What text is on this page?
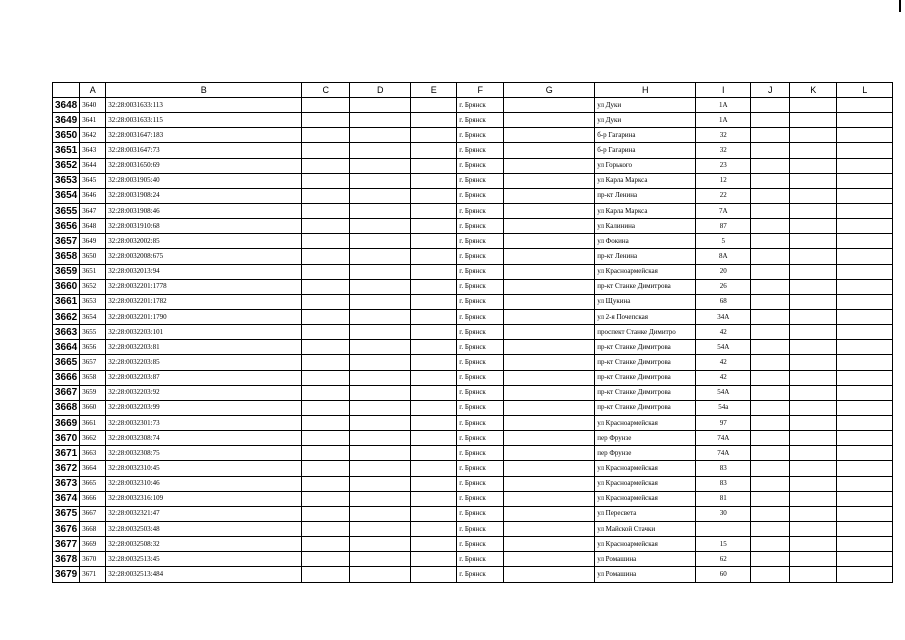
	A	B	C	D	E	F	G	H	I	J	K	L
3648	3640	32:28:0031633:113				г. Брянск		ул Дуки	1А			
3649	3641	32:28:0031633:115				г. Брянск		ул Дуки	1А			
3650	3642	32:28:0031647:183				г. Брянск		б-р Гагарина	32			
3651	3643	32:28:0031647:73				г. Брянск		б-р Гагарина	32			
3652	3644	32:28:0031650:69				г. Брянск		ул Горького	23			
3653	3645	32:28:0031905:40				г. Брянск		ул Карла Маркса	12			
3654	3646	32:28:0031908:24				г. Брянск		пр-кт Ленина	22			
3655	3647	32:28:0031908:46				г. Брянск		ул Карла Маркса	7А			
3656	3648	32:28:0031910:68				г. Брянск		ул Калинина	87			
3657	3649	32:28:0032002:85				г. Брянск		ул Фокина	5			
3658	3650	32:28:0032008:675				г. Брянск		пр-кт Ленина	8А			
3659	3651	32:28:0032013:94				г. Брянск		ул Красноармейская	20			
3660	3652	32:28:0032201:1778				г. Брянск		пр-кт Станке Димитрова	26			
3661	3653	32:28:0032201:1782				г. Брянск		ул Щукина	68			
3662	3654	32:28:0032201:1790				г. Брянск		ул 2-я Почепская	34А			
3663	3655	32:28:0032203:101				г. Брянск		проспект Станке Димитро	42			
3664	3656	32:28:0032203:81				г. Брянск		пр-кт Станке Димитрова	54А			
3665	3657	32:28:0032203:85				г. Брянск		пр-кт Станке Димитрова	42			
3666	3658	32:28:0032203:87				г. Брянск		пр-кт Станке Димитрова	42			
3667	3659	32:28:0032203:92				г. Брянск		пр-кт Станке Димитрова	54А			
3668	3660	32:28:0032203:99				г. Брянск		пр-кт Станке Димитрова	54а			
3669	3661	32:28:0032301:73				г. Брянск		ул Красноармейская	97			
3670	3662	32:28:0032308:74				г. Брянск		пер Фрунзе	74А			
3671	3663	32:28:0032308:75				г. Брянск		пер Фрунзе	74А			
3672	3664	32:28:0032310:45				г. Брянск		ул Красноармейская	83			
3673	3665	32:28:0032310:46				г. Брянск		ул Красноармейская	83			
3674	3666	32:28:0032316:109				г. Брянск		ул Красноармейская	81			
3675	3667	32:28:0032321:47				г. Брянск		ул Пересвета	30			
3676	3668	32:28:0032503:48				г. Брянск		ул Майской Стачки				
3677	3669	32:28:0032508:32				г. Брянск		ул Красноармейская	15			
3678	3670	32:28:0032513:45				г. Брянск		ул Ромашина	62			
3679	3671	32:28:0032513:484				г. Брянск		ул Ромашина	60			
